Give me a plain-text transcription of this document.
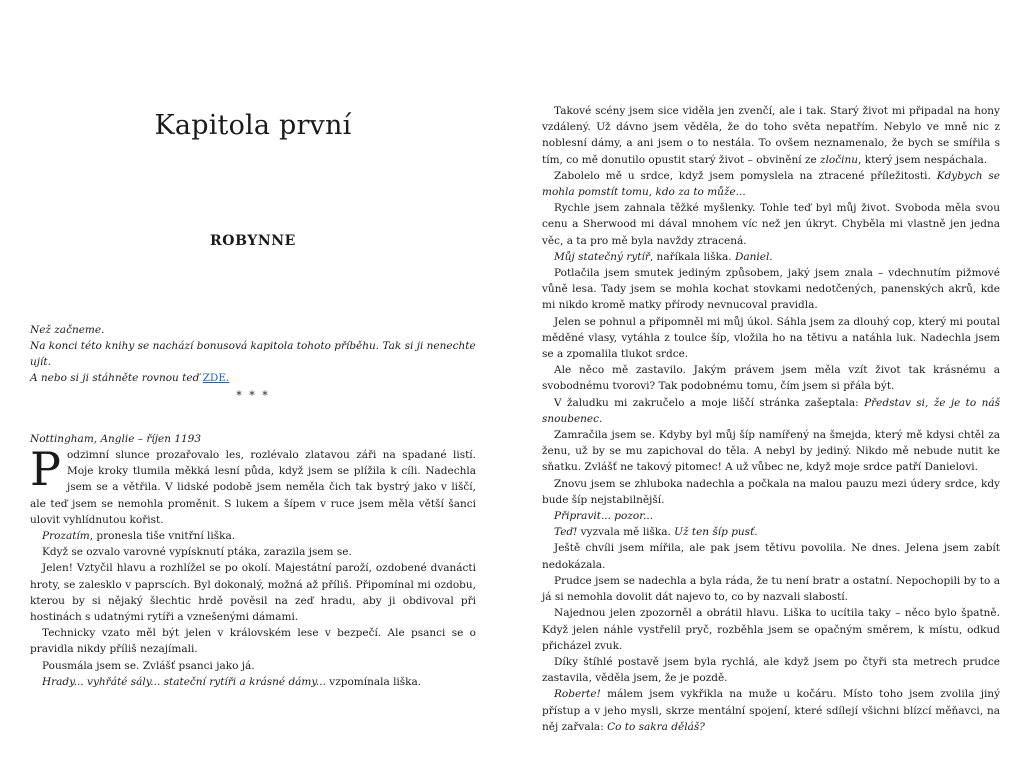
Kapitola první
ROBYNNE

Než začneme.

Na konci této knihy se nachází bonusová kapitola tohoto příběhu. Tak si ji nenechte ujít.

A nebo si ji stáhněte rovnou teď ZDE.

* * *
Nottingham, Anglie – říjen 1193

Podzimní slunce prozařovalo les, rozlévalo zlatavou záři na spadané listí. Moje kroky tlumila měkká lesní půda, když jsem se plížila k cíli. Nadechla jsem se a větřila. V lidské podobě jsem neměla čich tak bystrý jako v liščí, ale teď jsem se nemohla proměnit. S lukem a šípem v ruce jsem měla větší šanci ulovit vyhlídnutou kořist.

Prozatím, pronesla tiše vnitřní liška.

Když se ozvalo varovné vypísknutí ptáka, zarazila jsem se.

Jelen! Vztyčil hlavu a rozhlížel se po okolí. Majestátní paroží, ozdobené dvanácti hroty, se zalesklo v paprscích. Byl dokonalý, možná až příliš. Připomínal mi ozdobu, kterou by si nějaký šlechtic hrdě pověsil na zeď hradu, aby ji obdivoval při hostinách s udatnými rytíři a vznešenými dámami.

Technicky vzato měl být jelen v královském lese v bezpečí. Ale psanci se o pravidla nikdy příliš nezajímali.

Pousmála jsem se. Zvlášť psanci jako já.

Hrady... vyhřáté sály... stateční rytíři a krásné dámy... vzpomínala liška.

Takové scény jsem sice viděla jen zvenčí, ale i tak. Starý život mi připadal na hony vzdálený. Už dávno jsem věděla, že do toho světa nepatřím. Nebylo ve mně nic z noblesní dámy, a ani jsem o to nestála. To ovšem neznamenalo, že bych se smířila s tím, co mě donutilo opustit starý život – obvinění ze zločinu, který jsem nespáchala.

Zabolelo mě u srdce, když jsem pomyslela na ztracené příležitosti. Kdybych se mohla pomstít tomu, kdo za to může...

Rychle jsem zahnala těžké myšlenky. Tohle teď byl můj život. Svoboda měla svou cenu a Sherwood mi dával mnohem víc než jen úkryt. Chyběla mi vlastně jen jedna věc, a ta pro mě byla navždy ztracená.

Můj statečný rytíř, naříkala liška. Daniel.

Potlačila jsem smutek jediným způsobem, jaký jsem znala – vdechnutím pižmové vůně lesa. Tady jsem se mohla kochat stovkami nedotčených, panenských akrů, kde mi nikdo kromě matky přírody nevnucoval pravidla.

Jelen se pohnul a připomněl mi můj úkol. Sáhla jsem za dlouhý cop, který mi poutal měděné vlasy, vytáhla z toulce šíp, vložila ho na tětivu a natáhla luk. Nadechla jsem se a zpomalila tlukot srdce.

Ale něco mě zastavilo. Jakým právem jsem měla vzít život tak krásnému a svobodnému tvorovi? Tak podobnému tomu, čím jsem si přála být.

V žaludku mi zakručelo a moje liščí stránka zašeptala: Představ si, že je to náš snoubenec.

Zamračila jsem se. Kdyby byl můj šíp namířený na šmejda, který mě kdysi chtěl za ženu, už by se mu zapichoval do těla. A nebyl by jediný. Nikdo mě nebude nutit ke sňatku. Zvlášť ne takový pitomec! A už vůbec ne, když moje srdce patří Danielovi.

Znovu jsem se zhluboka nadechla a počkala na malou pauzu mezi údery srdce, kdy bude šíp nejstabilnější.

Připravit... pozor...

Teď! vyzvala mě liška. Už ten šíp pusť.

Ještě chvíli jsem mířila, ale pak jsem tětivu povolila. Ne dnes. Jelena jsem zabít nedokázala.

Prudce jsem se nadechla a byla ráda, že tu není bratr a ostatní. Nepochopili by to a já si nemohla dovolit dát najevo to, co by nazvali slabostí.

Najednou jelen zpozorněl a obrátil hlavu. Liška to ucítila taky – něco bylo špatně. Když jelen náhle vystřelil pryč, rozběhla jsem se opačným směrem, k místu, odkud přicházel zvuk.

Díky štíhlé postavě jsem byla rychlá, ale když jsem po čtyři sta metrech prudce zastavila, věděla jsem, že je pozdě.

Roberte! málem jsem vykřikla na muže u kočáru. Místo toho jsem zvolila jiný přístup a v jeho mysli, skrze mentální spojení, které sdílejí všichni blízcí měňavci, na něj zařvala: Co to sakra děláš?
